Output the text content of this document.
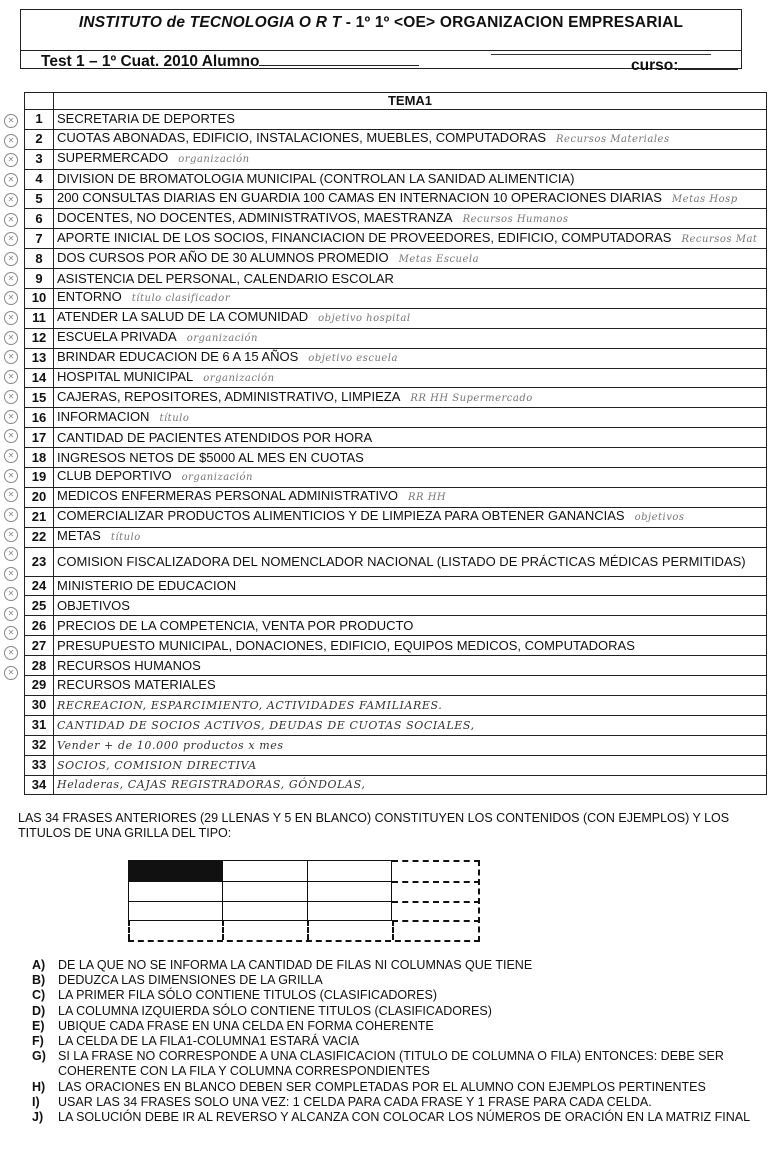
INSTITUTO de TECNOLOGIA O R T - 1º 1º <OE> ORGANIZACION EMPRESARIAL
Test 1 – 1º Cuat. 2010 Alumno	curso:
✕
✕
✕
✕
✕
✕
✕
✕
✕
✕
✕
✕
✕
✕
✕
✕
✕
✕
✕
✕
✕
✕
✕
✕
✕
✕
✕
✕
✕
	TEMA1
1	SECRETARIA DE DEPORTES
2	CUOTAS ABONADAS, EDIFICIO, INSTALACIONES, MUEBLES, COMPUTADORAS Recursos Materiales
3	SUPERMERCADO organización
4	DIVISION DE BROMATOLOGIA MUNICIPAL (CONTROLAN LA SANIDAD ALIMENTICIA)
5	200 CONSULTAS DIARIAS EN GUARDIA 100 CAMAS EN INTERNACION 10 OPERACIONES DIARIAS Metas Hosp
6	DOCENTES, NO DOCENTES, ADMINISTRATIVOS, MAESTRANZA Recursos Humanos
7	APORTE INICIAL DE LOS SOCIOS, FINANCIACION DE PROVEEDORES, EDIFICIO, COMPUTADORAS Recursos Mat
8	DOS CURSOS POR AÑO DE 30 ALUMNOS PROMEDIO Metas Escuela
9	ASISTENCIA DEL PERSONAL, CALENDARIO ESCOLAR
10	ENTORNO título clasificador
11	ATENDER LA SALUD DE LA COMUNIDAD objetivo hospital
12	ESCUELA PRIVADA organización
13	BRINDAR EDUCACION DE 6 A 15 AÑOS objetivo escuela
14	HOSPITAL MUNICIPAL organización
15	CAJERAS, REPOSITORES, ADMINISTRATIVO, LIMPIEZA RR HH Supermercado
16	INFORMACION título
17	CANTIDAD DE PACIENTES ATENDIDOS POR HORA
18	INGRESOS NETOS DE $5000 AL MES EN CUOTAS
19	CLUB DEPORTIVO organización
20	MEDICOS ENFERMERAS PERSONAL ADMINISTRATIVO RR HH
21	COMERCIALIZAR PRODUCTOS ALIMENTICIOS Y DE LIMPIEZA PARA OBTENER GANANCIAS objetivos
22	METAS título
23	COMISION FISCALIZADORA DEL NOMENCLADOR NACIONAL (LISTADO DE PRÁCTICAS MÉDICAS PERMITIDAS)
24	MINISTERIO DE EDUCACION
25	OBJETIVOS
26	PRECIOS DE LA COMPETENCIA, VENTA POR PRODUCTO
27	PRESUPUESTO MUNICIPAL, DONACIONES, EDIFICIO, EQUIPOS MEDICOS, COMPUTADORAS
28	RECURSOS HUMANOS
29	RECURSOS MATERIALES
30	RECREACION, ESPARCIMIENTO, ACTIVIDADES FAMILIARES.
31	CANTIDAD DE SOCIOS ACTIVOS, DEUDAS DE CUOTAS SOCIALES,
32	Vender + de 10.000 productos x mes
33	SOCIOS, COMISION DIRECTIVA
34	Heladeras, CAJAS REGISTRADORAS, GÓNDOLAS,
LAS 34 FRASES ANTERIORES (29 LLENAS Y 5 EN BLANCO) CONSTITUYEN LOS CONTENIDOS (CON EJEMPLOS) Y LOS TITULOS DE UNA GRILLA DEL TIPO:
A)	DE LA QUE NO SE INFORMA LA CANTIDAD DE FILAS NI COLUMNAS QUE TIENE
B)	DEDUZCA LAS DIMENSIONES DE LA GRILLA
C)	LA PRIMER FILA SÓLO CONTIENE TITULOS (CLASIFICADORES)
D)	LA COLUMNA IZQUIERDA SÓLO CONTIENE TITULOS (CLASIFICADORES)
E)	UBIQUE CADA FRASE EN UNA CELDA EN FORMA COHERENTE
F)	LA CELDA DE LA FILA1-COLUMNA1 ESTARÁ VACIA
G) SI LA FRASE NO CORRESPONDE A UNA CLASIFICACION (TITULO DE COLUMNA O FILA) ENTONCES: DEBE SER COHERENTE CON LA FILA Y COLUMNA CORRESPONDIENTES
H)	LAS ORACIONES EN BLANCO DEBEN SER COMPLETADAS POR EL ALUMNO CON EJEMPLOS PERTINENTES
I)	USAR LAS 34 FRASES SOLO UNA VEZ: 1 CELDA PARA CADA FRASE Y 1 FRASE PARA CADA CELDA.
J)	LA SOLUCIÓN DEBE IR AL REVERSO Y ALCANZA CON COLOCAR LOS NÚMEROS DE ORACIÓN EN LA MATRIZ FINAL
